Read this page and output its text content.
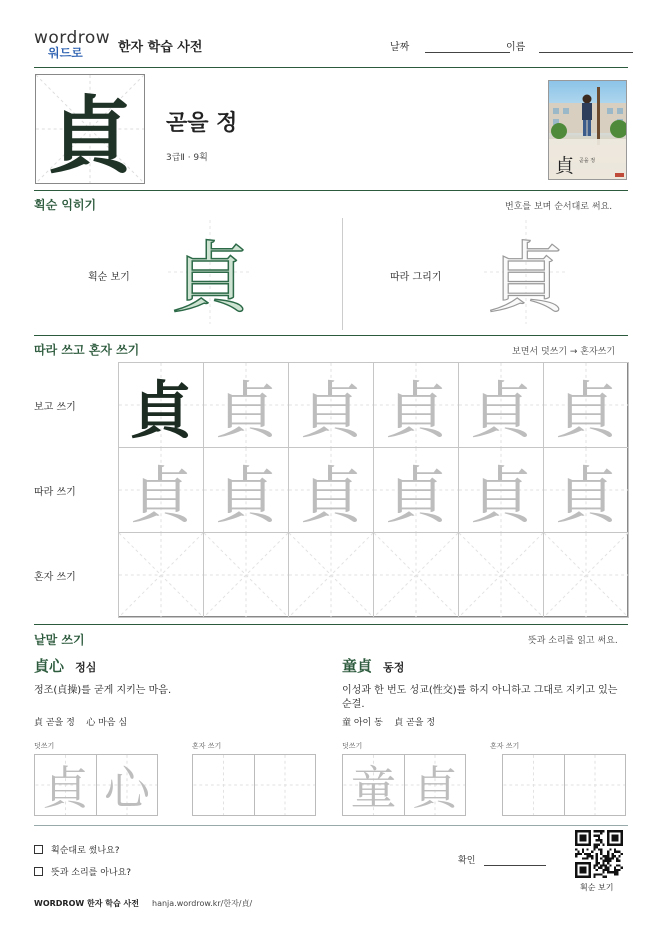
wordrow
워드로	한자 학습 사전	날짜	이름
貞	곧을 정
3급Ⅱ · 9획	貞 곧을 정
획순 익히기	번호를 보며 순서대로 써요.
획순 보기 貞	따라 그리기 貞
따라 쓰고 혼자 쓰기	보면서 덧쓰기 → 혼자쓰기
보고 쓰기
따라 쓰기
혼자 쓰기
貞 貞 貞 貞 貞 貞
貞 貞 貞 貞 貞 貞
낱말 쓰기	뜻과 소리를 읽고 써요.
貞心 정심
정조(貞操)를 굳게 지키는 마음.
貞 곧을 정    心 마음 심
덧쓰기	혼자 쓰기
童貞 동정
이성과 한 번도 성교(性交)를 하지 아니하고 그대로 지키고 있는 순결.
童 아이 동    貞 곧을 정
덧쓰기	혼자 쓰기
획순대로 썼나요?
뜻과 소리를 아나요?
확인
획순 보기
WORDROW 한자 학습 사전 hanja.wordrow.kr/한자/貞/
貞 心	童 貞
